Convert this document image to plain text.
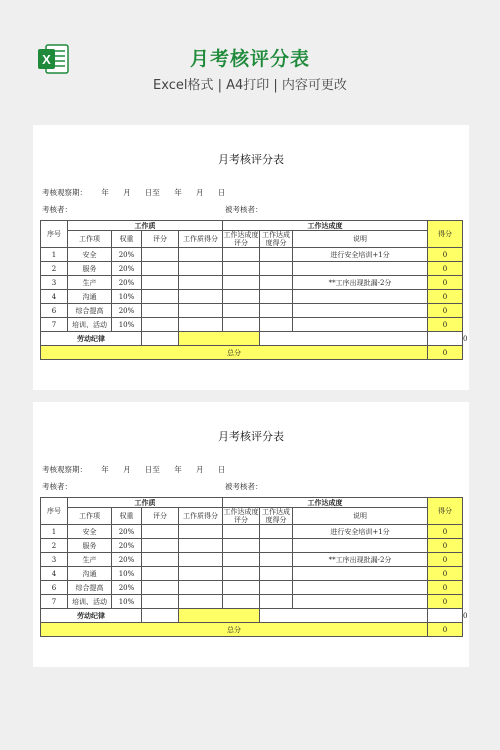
X	月考核评分表
Excel格式 | A4打印 | 内容可更改
月考核评分表
考核观察期：      年      月      日至      年      月      日
考核者：	被考核者：
序号	工作质				工作达成度			得分	
	工作项	权重	评分	工作质得分	工作达成度评分	工作达成度得分	说明		
1	安全	20%					进行安全培训+1分	0	
2	服务	20%						0	
3	生产	20%					**工序出现批漏-2分	0	
4	沟通	10%						0	
6	综合提高	20%						0	
7	培训、活动	10%						0	
劳动纪律									0
总分								0	
月考核评分表
考核观察期：      年      月      日至      年      月      日
考核者：	被考核者：
序号	工作质				工作达成度			得分	
	工作项	权重	评分	工作质得分	工作达成度评分	工作达成度得分	说明		
1	安全	20%					进行安全培训+1分	0	
2	服务	20%						0	
3	生产	20%					**工序出现批漏-2分	0	
4	沟通	10%						0	
6	综合提高	20%						0	
7	培训、活动	10%						0	
劳动纪律									0
总分								0	
